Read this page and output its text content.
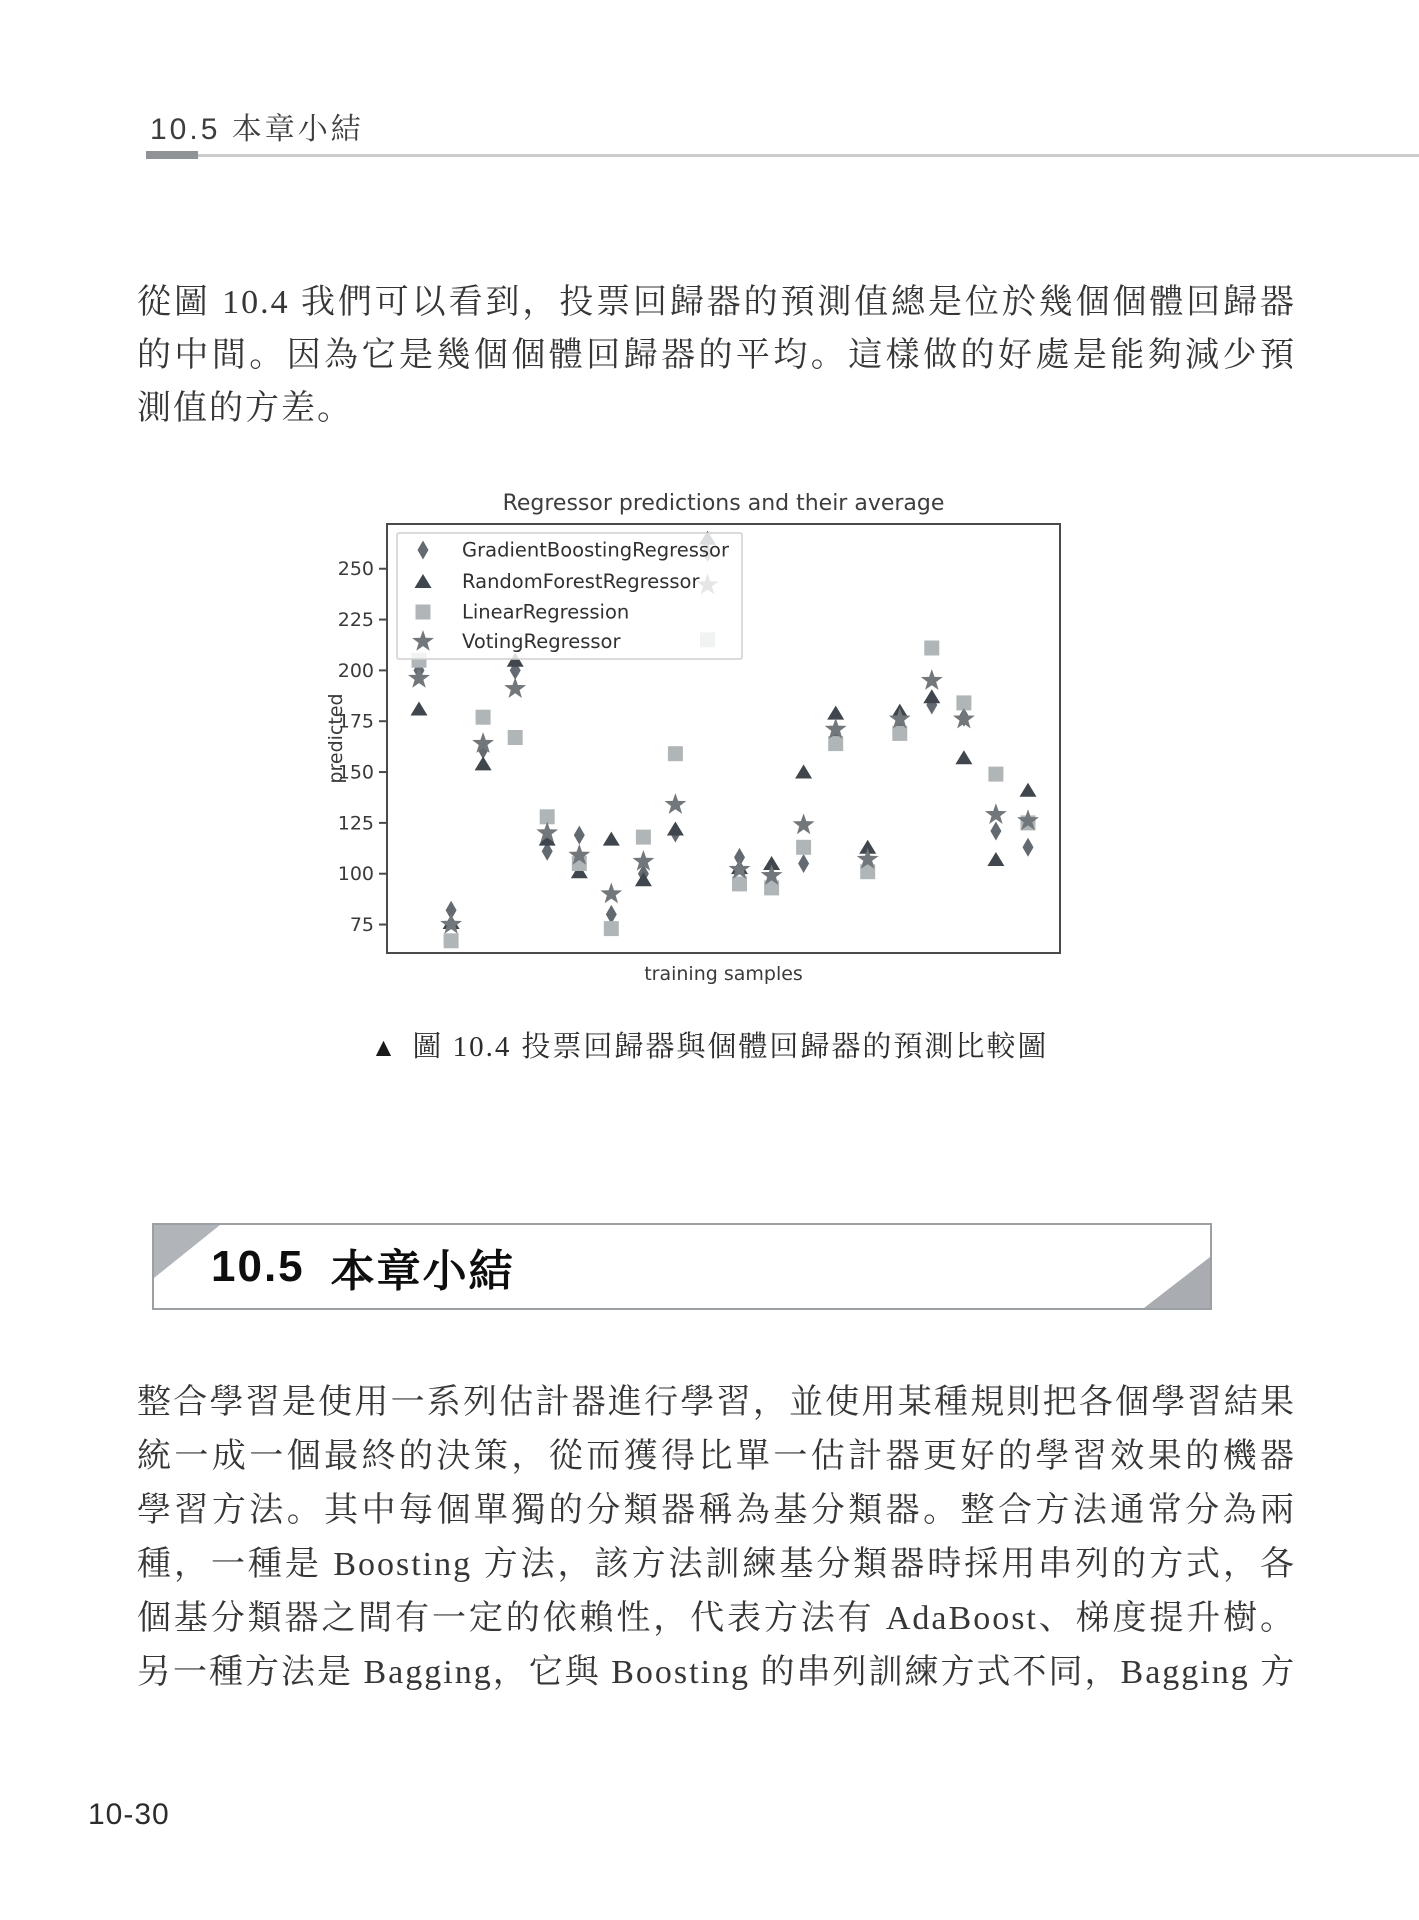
10.5 本章小結
從圖 10.4 我們可以看到，投票回歸器的預測值總是位於幾個個體回歸器
的中間。因為它是幾個個體回歸器的平均。這樣做的好處是能夠減少預
測值的方差。
Regressor predictions and their average
GradientBoostingRegressor
RandomForestRegressor
LinearRegression
VotingRegressor
250
225
200
175
150
125
100
75
training samples
predicted
▲ 圖 10.4 投票回歸器與個體回歸器的預測比較圖
10.5 本章小結
整合學習是使用一系列估計器進行學習，並使用某種規則把各個學習結果
統一成一個最終的決策，從而獲得比單一估計器更好的學習效果的機器
學習方法。其中每個單獨的分類器稱為基分類器。整合方法通常分為兩
種，一種是 Boosting 方法，該方法訓練基分類器時採用串列的方式，各
個基分類器之間有一定的依賴性，代表方法有 AdaBoost、梯度提升樹。
另一種方法是 Bagging，它與 Boosting 的串列訓練方式不同，Bagging 方
10-30
